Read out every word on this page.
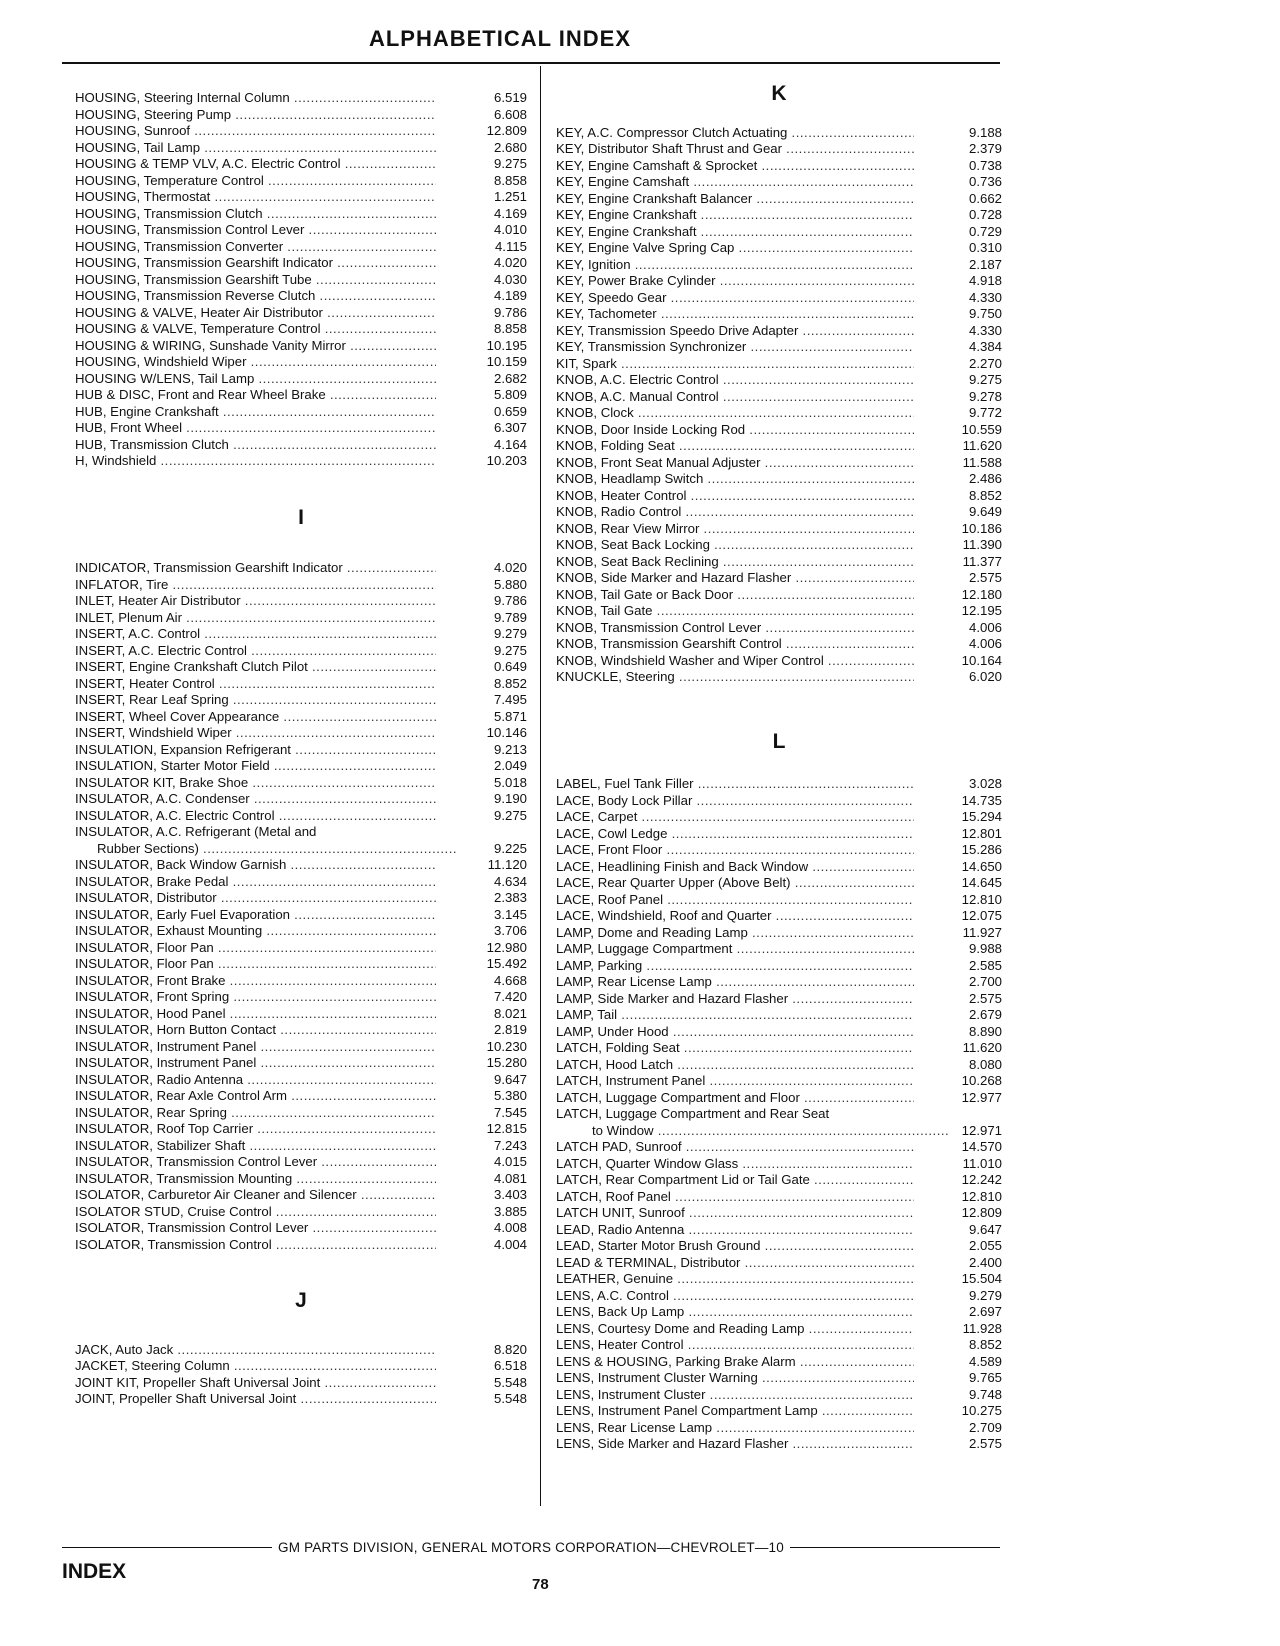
ALPHABETICAL INDEX
HOUSING, Steering Internal Column .....	6.519
HOUSING, Steering Pump .....	6.608
HOUSING, Sunroof .....	12.809
HOUSING, Tail Lamp .....	2.680
HOUSING & TEMP VLV, A.C. Electric Control .....	9.275
HOUSING, Temperature Control .....	8.858
HOUSING, Thermostat .....	1.251
HOUSING, Transmission Clutch .....	4.169
HOUSING, Transmission Control Lever .....	4.010
HOUSING, Transmission Converter .....	4.115
HOUSING, Transmission Gearshift Indicator .....	4.020
HOUSING, Transmission Gearshift Tube .....	4.030
HOUSING, Transmission Reverse Clutch .....	4.189
HOUSING & VALVE, Heater Air Distributor .....	9.786
HOUSING & VALVE, Temperature Control .....	8.858
HOUSING & WIRING, Sunshade Vanity Mirror .....	10.195
HOUSING, Windshield Wiper .....	10.159
HOUSING W/LENS, Tail Lamp .....	2.682
HUB & DISC, Front and Rear Wheel Brake .....	5.809
HUB, Engine Crankshaft .....	0.659
HUB, Front Wheel .....	6.307
HUB, Transmission Clutch .....	4.164
H, Windshield .....	10.203
I
INDICATOR, Transmission Gearshift Indicator .....	4.020
INFLATOR, Tire .....	5.880
INLET, Heater Air Distributor .....	9.786
INLET, Plenum Air .....	9.789
INSERT, A.C. Control .....	9.279
INSERT, A.C. Electric Control .....	9.275
INSERT, Engine Crankshaft Clutch Pilot .....	0.649
INSERT, Heater Control .....	8.852
INSERT, Rear Leaf Spring .....	7.495
INSERT, Wheel Cover Appearance .....	5.871
INSERT, Windshield Wiper .....	10.146
INSULATION, Expansion Refrigerant .....	9.213
INSULATION, Starter Motor Field .....	2.049
INSULATOR KIT, Brake Shoe .....	5.018
INSULATOR, A.C. Condenser .....	9.190
INSULATOR, A.C. Electric Control .....	9.275
INSULATOR, A.C. Refrigerant (Metal and
Rubber Sections) .....	9.225
INSULATOR, Back Window Garnish .....	11.120
INSULATOR, Brake Pedal .....	4.634
INSULATOR, Distributor .....	2.383
INSULATOR, Early Fuel Evaporation .....	3.145
INSULATOR, Exhaust Mounting .....	3.706
INSULATOR, Floor Pan .....	12.980
INSULATOR, Floor Pan .....	15.492
INSULATOR, Front Brake .....	4.668
INSULATOR, Front Spring .....	7.420
INSULATOR, Hood Panel .....	8.021
INSULATOR, Horn Button Contact .....	2.819
INSULATOR, Instrument Panel .....	10.230
INSULATOR, Instrument Panel .....	15.280
INSULATOR, Radio Antenna .....	9.647
INSULATOR, Rear Axle Control Arm .....	5.380
INSULATOR, Rear Spring .....	7.545
INSULATOR, Roof Top Carrier .....	12.815
INSULATOR, Stabilizer Shaft .....	7.243
INSULATOR, Transmission Control Lever .....	4.015
INSULATOR, Transmission Mounting .....	4.081
ISOLATOR, Carburetor Air Cleaner and Silencer .....	3.403
ISOLATOR STUD, Cruise Control .....	3.885
ISOLATOR, Transmission Control Lever .....	4.008
ISOLATOR, Transmission Control .....	4.004
J
JACK, Auto Jack .....	8.820
JACKET, Steering Column .....	6.518
JOINT KIT, Propeller Shaft Universal Joint .....	5.548
JOINT, Propeller Shaft Universal Joint .....	5.548
K
KEY, A.C. Compressor Clutch Actuating .....	9.188
KEY, Distributor Shaft Thrust and Gear .....	2.379
KEY, Engine Camshaft & Sprocket .....	0.738
KEY, Engine Camshaft .....	0.736
KEY, Engine Crankshaft Balancer .....	0.662
KEY, Engine Crankshaft .....	0.728
KEY, Engine Crankshaft .....	0.729
KEY, Engine Valve Spring Cap .....	0.310
KEY, Ignition .....	2.187
KEY, Power Brake Cylinder .....	4.918
KEY, Speedo Gear .....	4.330
KEY, Tachometer .....	9.750
KEY, Transmission Speedo Drive Adapter .....	4.330
KEY, Transmission Synchronizer .....	4.384
KIT, Spark .....	2.270
KNOB, A.C. Electric Control .....	9.275
KNOB, A.C. Manual Control .....	9.278
KNOB, Clock .....	9.772
KNOB, Door Inside Locking Rod .....	10.559
KNOB, Folding Seat .....	11.620
KNOB, Front Seat Manual Adjuster .....	11.588
KNOB, Headlamp Switch .....	2.486
KNOB, Heater Control .....	8.852
KNOB, Radio Control .....	9.649
KNOB, Rear View Mirror .....	10.186
KNOB, Seat Back Locking .....	11.390
KNOB, Seat Back Reclining .....	11.377
KNOB, Side Marker and Hazard Flasher .....	2.575
KNOB, Tail Gate or Back Door .....	12.180
KNOB, Tail Gate .....	12.195
KNOB, Transmission Control Lever .....	4.006
KNOB, Transmission Gearshift Control .....	4.006
KNOB, Windshield Washer and Wiper Control .....	10.164
KNUCKLE, Steering .....	6.020
L
LABEL, Fuel Tank Filler .....	3.028
LACE, Body Lock Pillar .....	14.735
LACE, Carpet .....	15.294
LACE, Cowl Ledge .....	12.801
LACE, Front Floor .....	15.286
LACE, Headlining Finish and Back Window .....	14.650
LACE, Rear Quarter Upper (Above Belt) .....	14.645
LACE, Roof Panel .....	12.810
LACE, Windshield, Roof and Quarter .....	12.075
LAMP, Dome and Reading Lamp .....	11.927
LAMP, Luggage Compartment .....	9.988
LAMP, Parking .....	2.585
LAMP, Rear License Lamp .....	2.700
LAMP, Side Marker and Hazard Flasher .....	2.575
LAMP, Tail .....	2.679
LAMP, Under Hood .....	8.890
LATCH, Folding Seat .....	11.620
LATCH, Hood Latch .....	8.080
LATCH, Instrument Panel .....	10.268
LATCH, Luggage Compartment and Floor .....	12.977
LATCH, Luggage Compartment and Rear Seat
to Window .....	12.971
LATCH PAD, Sunroof .....	14.570
LATCH, Quarter Window Glass .....	11.010
LATCH, Rear Compartment Lid or Tail Gate .....	12.242
LATCH, Roof Panel .....	12.810
LATCH UNIT, Sunroof .....	12.809
LEAD, Radio Antenna .....	9.647
LEAD, Starter Motor Brush Ground .....	2.055
LEAD & TERMINAL, Distributor .....	2.400
LEATHER, Genuine .....	15.504
LENS, A.C. Control .....	9.279
LENS, Back Up Lamp .....	2.697
LENS, Courtesy Dome and Reading Lamp .....	11.928
LENS, Heater Control .....	8.852
LENS & HOUSING, Parking Brake Alarm .....	4.589
LENS, Instrument Cluster Warning .....	9.765
LENS, Instrument Cluster .....	9.748
LENS, Instrument Panel Compartment Lamp .....	10.275
LENS, Rear License Lamp .....	2.709
LENS, Side Marker and Hazard Flasher .....	2.575
GM PARTS DIVISION, GENERAL MOTORS CORPORATION—CHEVROLET—10
INDEX
78
